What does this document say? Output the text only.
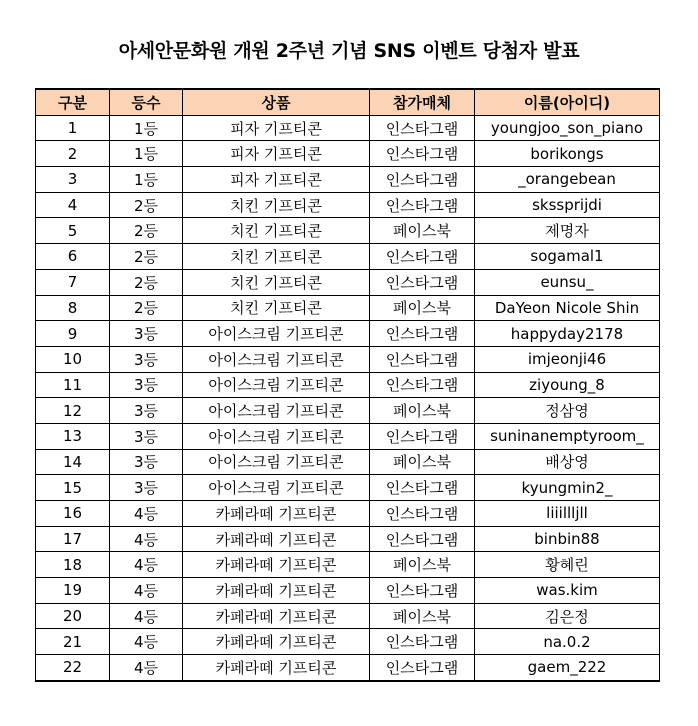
아세안문화원 개원 2주년 기념 SNS 이벤트 당첨자 발표
구분	등수	상품	참가매체	이름(아이디)
1	1등	피자 기프티콘	인스타그램	youngjoo_son_piano
2	1등	피자 기프티콘	인스타그램	borikongs
3	1등	피자 기프티콘	인스타그램	_orangebean
4	2등	치킨 기프티콘	인스타그램	sksspriјdi
5	2등	치킨 기프티콘	페이스북	제명자
6	2등	치킨 기프티콘	인스타그램	sogamal1
7	2등	치킨 기프티콘	인스타그램	eunsu_
8	2등	치킨 기프티콘	페이스북	DaYeon Nicole Shin
9	3등	아이스크림 기프티콘	인스타그램	happyday2178
10	3등	아이스크림 기프티콘	인스타그램	imjeonji46
11	3등	아이스크림 기프티콘	인스타그램	ziyoung_8
12	3등	아이스크림 기프티콘	페이스북	정삼영
13	3등	아이스크림 기프티콘	인스타그램	suninanemptyroom_
14	3등	아이스크림 기프티콘	페이스북	배상영
15	3등	아이스크림 기프티콘	인스타그램	kyungmin2_
16	4등	카페라떼 기프티콘	인스타그램	liiillljll
17	4등	카페라떼 기프티콘	인스타그램	binbin88
18	4등	카페라떼 기프티콘	페이스북	황혜린
19	4등	카페라떼 기프티콘	인스타그램	was.kim
20	4등	카페라떼 기프티콘	페이스북	김은정
21	4등	카페라떼 기프티콘	인스타그램	na.0.2
22	4등	카페라떼 기프티콘	인스타그램	gaem_222
